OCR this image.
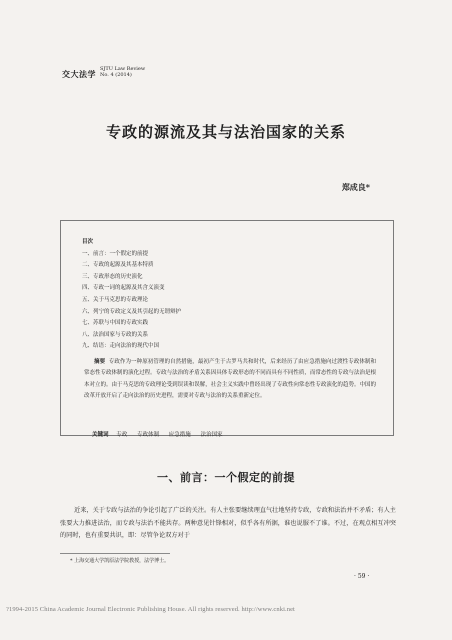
交大法学 SJTU Law Review
No. 4 (2014)
专政的源流及其与法治国家的关系
郑成良*
目次
一、前言：一个假定的前提
二、专政的起源及其基本特质
三、专政形态的历史演化
四、专政一词的起源及其含义演变
五、关于马克思的专政理论
六、列宁的专政定义及其引起的无谓辩护
七、苏联与中国的专政实践
八、法治国家与专政的关系
九、结语：走向法治的现代中国
摘要 专政作为一种原初管理的自然措施，最初产生于古罗马共和时代，后来经历了由应急措施向过渡性专政体制和常态性专政体制的演化过程。专政与法治的矛盾关系因具体专政形态的不同而具有不同性质，而常态性的专政与法治是根本对立的。由于马克思的专政理论受到误读和误解，社会主义实践中曾经出现了专政性向常态性专政演化的趋势。中国的改革开放开启了走向法治的历史进程，需要对专政与法治的关系重新定位。
关键词 专政 专政体制 应急措施 法治国家
一、前言：一个假定的前提
近来，关于专政与法治的争论引起了广泛的关注。有人主张要继续理直气壮地坚持专政，专政和法治并不矛盾；有人主张要大力推进法治，而专政与法治不能共存。两种意见针锋相对，似乎各有所据，谁也说服不了谁。不过，在观点相互冲突的同时，也有重要共识，即：尽管争论双方对于
* 上海交通大学凯原法学院教授，法学博士。
· 59 ·
?1994-2015 China Academic Journal Electronic Publishing House. All rights reserved. http://www.cnki.net
